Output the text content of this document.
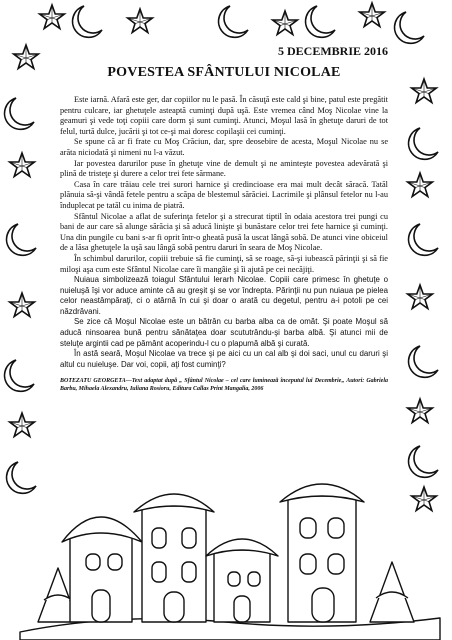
5 DECEMBRIE 2016
POVESTEA SFÂNTULUI NICOLAE

Este iarnă. Afară este ger, dar copiilor nu le pasă. În căsuţă este cald şi bine, patul este pregătit pentru culcare, iar ghetuţele asteaptă cuminţi după uşă. Este vremea când Moş Nicolae vine la geamuri şi vede toţi copiii care dorm şi sunt cuminţi. Atunci, Moşul lasă în ghetuţe daruri de tot felul, turtă dulce, jucării şi tot ce-şi mai doresc copilaşii cei cuminţi.

Se spune că ar fi frate cu Moş Crăciun, dar, spre deosebire de acesta, Moşul Nicolae nu se arăta niciodată şi nimeni nu l-a văzut.

Iar povestea darurilor puse în ghetuţe vine de demult şi ne aminteşte povestea adevărată şi plină de tristeţe şi durere a celor trei fete sărmane.

Casa în care trăiau cele trei surori harnice şi credincioase era mai mult decât săracă. Tatăl plănuia să-şi vândă fetele pentru a scăpa de blestemul sărăciei. Lacrimile şi plânsul fetelor nu l-au înduplecat pe tatăl cu inima de piatră.

Sfântul Nicolae a aflat de suferinţa fetelor şi a strecurat tiptil în odaia acestora trei pungi cu bani de aur care să alunge sărăcia şi să aducă linişte şi bunăstare celor trei fete harnice şi cuminţi. Una din pungile cu bani s-ar fi oprit într-o gheată pusă la uscat lângă sobă. De atunci vine obiceiul de a lăsa ghetuţele la uşă sau lângă sobă pentru daruri în seara de Moş Nicolae.

În schimbul darurilor, copiii trebuie să fie cuminţi, să se roage, să-şi iubească părinţii şi să fie miloşi aşa cum este Sfântul Nicolae care îi mangâie şi îi ajută pe cei necăjiţi.

Nuiaua simbolizează toiagul Sfântului Ierarh Nicolae. Copiii care primesc în ghetuţe o nuieluşă îşi vor aduce aminte că au greşit şi se vor îndrepta. Părinţii nu pun nuiaua pe pielea celor neastâmpăraţi, ci o atârnă în cui şi doar o arată cu degetul, pentru a-i potoli pe cei năzdrăvani.

Se zice că Moşul Nicolae este un bătrân cu barba alba ca de omăt. Şi poate Moşul să aducă ninsoarea bună pentru sănătaţea doar scututrându-şi barba albă. Şi atunci mii de steluţe argintii cad pe pământ acoperindu-l cu o plapumă albă şi curată.

În astă seară, Moşul Nicolae va trece şi pe aici cu un cal alb şi doi saci, unul cu daruri şi altul cu nuieluşe. Dar voi, copii, aţi fost cuminţi?

BOTEZATU GEORGETA—Text adaptat după „ Sfântul Nicolae – cel care luminează începutul lui Decembrie„ Autori: Gabriela Barbu, Mihaela Alexandru, Iuliana Rosioru, Editura Callas Print Mangalia, 2006
